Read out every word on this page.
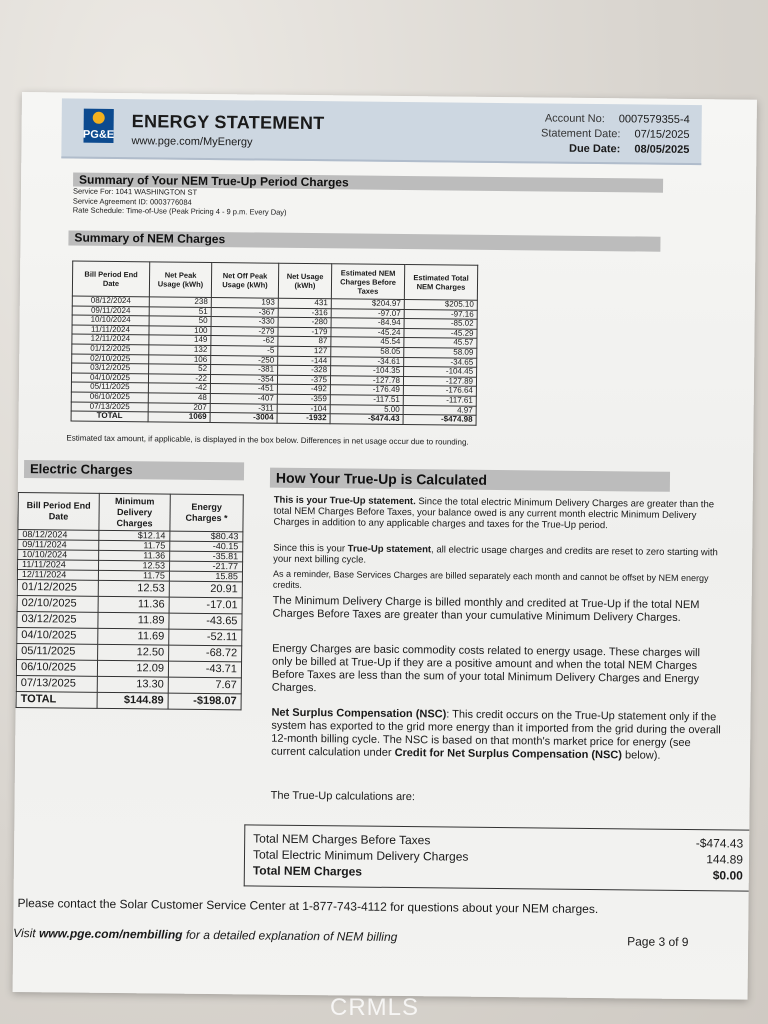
PG&E
ENERGY STATEMENT
www.pge.com/MyEnergy
Account No: 0007579355-4
Statement Date: 07/15/2025
Due Date: 08/05/2025
Summary of Your NEM True-Up Period Charges
Service For: 1041 WASHINGTON ST
Service Agreement ID: 0003776084
Rate Schedule: Time-of-Use (Peak Pricing 4 - 9 p.m. Every Day)
Summary of NEM Charges
Bill Period End Date	Net Peak Usage (kWh)	Net Off Peak Usage (kWh)	Net Usage (kWh)	Estimated NEM Charges Before Taxes	Estimated Total NEM Charges
08/12/2024	238	193	431	$204.97	$205.10
09/11/2024	51	-367	-316	-97.07	-97.16
10/10/2024	50	-330	-280	-84.94	-85.02
11/11/2024	100	-279	-179	-45.24	-45.29
12/11/2024	149	-62	87	45.54	45.57
01/12/2025	132	-5	127	58.05	58.09
02/10/2025	106	-250	-144	-34.61	-34.65
03/12/2025	52	-381	-328	-104.35	-104.45
04/10/2025	-22	-354	-375	-127.78	-127.89
05/11/2025	-42	-451	-492	-176.49	-176.64
06/10/2025	48	-407	-359	-117.51	-117.61
07/13/2025	207	-311	-104	5.00	4.97
TOTAL	1069	-3004	-1932	-$474.43	-$474.98
Estimated tax amount, if applicable, is displayed in the box below. Differences in net usage occur due to rounding.
Electric Charges
Bill Period End Date	Minimum Delivery Charges	Energy Charges *
08/12/2024	$12.14	$80.43
09/11/2024	11.75	-40.15
10/10/2024	11.36	-35.81
11/11/2024	12.53	-21.77
12/11/2024	11.75	15.85
01/12/2025	12.53	20.91
02/10/2025	11.36	-17.01
03/12/2025	11.89	-43.65
04/10/2025	11.69	-52.11
05/11/2025	12.50	-68.72
06/10/2025	12.09	-43.71
07/13/2025	13.30	7.67
TOTAL	$144.89	-$198.07
How Your True-Up is Calculated
This is your True-Up statement. Since the total electric Minimum Delivery Charges are greater than the total NEM Charges Before Taxes, your balance owed is any current month electric Minimum Delivery Charges in addition to any applicable charges and taxes for the True-Up period.
Since this is your True-Up statement, all electric usage charges and credits are reset to zero starting with your next billing cycle.
As a reminder, Base Services Charges are billed separately each month and cannot be offset by NEM energy credits.
The Minimum Delivery Charge is billed monthly and credited at True-Up if the total NEM Charges Before Taxes are greater than your cumulative Minimum Delivery Charges.
Energy Charges are basic commodity costs related to energy usage. These charges will only be billed at True-Up if they are a positive amount and when the total NEM Charges Before Taxes are less than the sum of your total Minimum Delivery Charges and Energy Charges.
Net Surplus Compensation (NSC): This credit occurs on the True-Up statement only if the system has exported to the grid more energy than it imported from the grid during the overall 12-month billing cycle. The NSC is based on that month's market price for energy (see current calculation under Credit for Net Surplus Compensation (NSC) below).
The True-Up calculations are:
Total NEM Charges Before Taxes	-$474.43
Total Electric Minimum Delivery Charges	144.89
Total NEM Charges	$0.00
Please contact the Solar Customer Service Center at 1-877-743-4112 for questions about your NEM charges.
Visit www.pge.com/nembilling for a detailed explanation of NEM billing	Page 3 of 9
CRMLS
